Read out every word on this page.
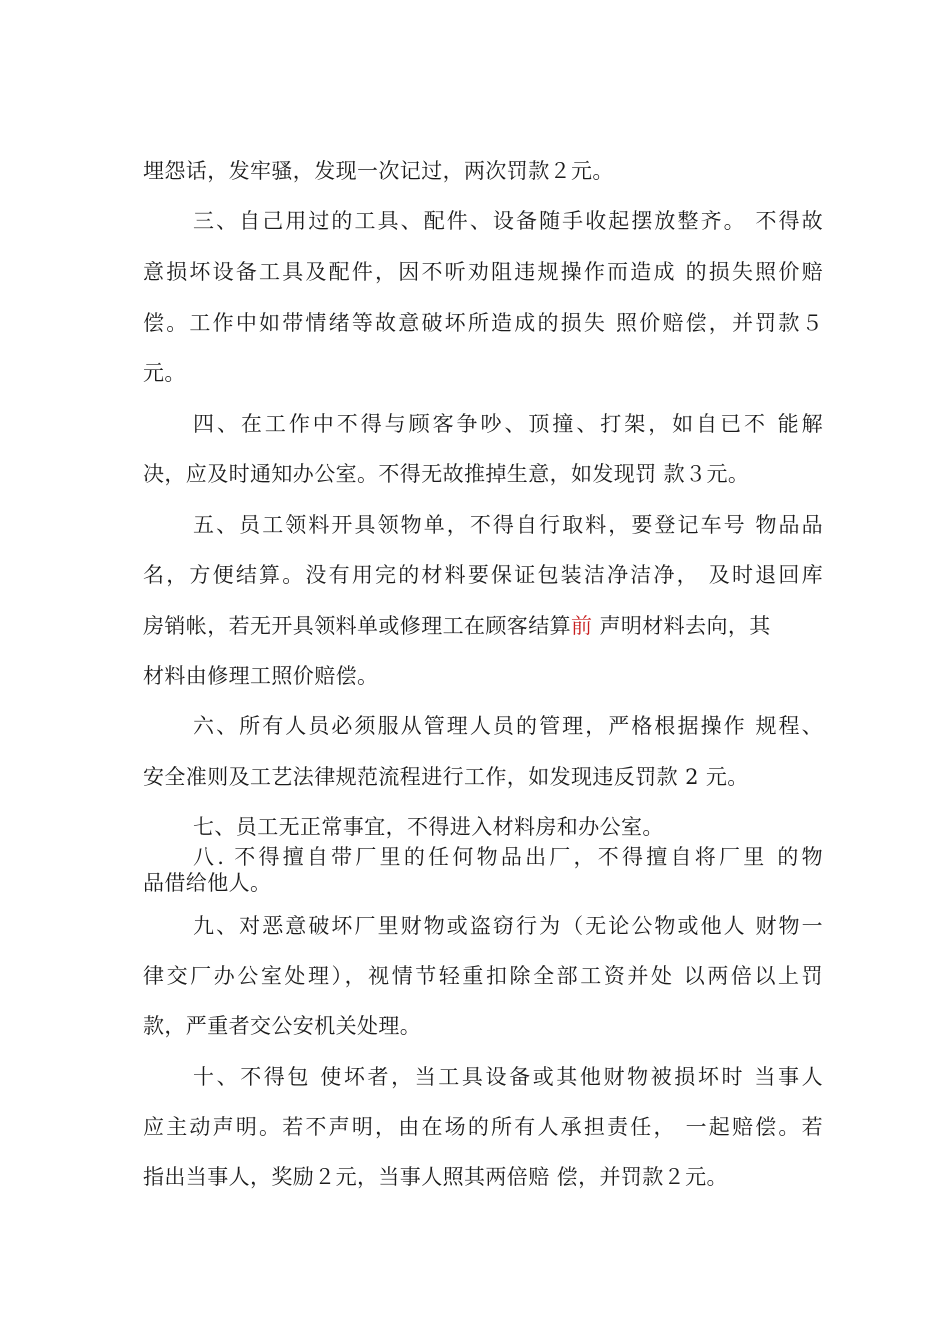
埋怨话，发牢骚，发现一次记过，两次罚款２元。
三、自己用过的工具、配件、设备随手收起摆放整齐。 不得故
意损坏设备工具及配件，因不听劝阻违规操作而造成 的损失照价赔
偿。工作中如带情绪等故意破坏所造成的损失 照价赔偿，并罚款５
元。
四、在工作中不得与顾客争吵、顶撞、打架，如自已不 能解
决，应及时通知办公室。不得无故推掉生意，如发现罚 款３元。
五、员工领料开具领物单，不得自行取料，要登记车号 物品品
名，方便结算。没有用完的材料要保证包装洁净洁净， 及时退回库
房销帐，若无开具领料单或修理工在顾客结算前 声明材料去向，其
材料由修理工照价赔偿。
六、所有人员必须服从管理人员的管理，严格根据操作 规程、
安全准则及工艺法律规范流程进行工作，如发现违反罚款 2 元。
七、员工无正常事宜，不得进入材料房和办公室。
八. 不得擅自带厂里的任何物品出厂，不得擅自将厂里 的物
品借给他人。
九、对恶意破坏厂里财物或盗窃行为（无论公物或他人 财物一
律交厂办公室处理），视情节轻重扣除全部工资并处 以两倍以上罚
款，严重者交公安机关处理。
十、不得包 使坏者，当工具设备或其他财物被损坏时 当事人
应主动声明。若不声明，由在场的所有人承担责任， 一起赔偿。若
指出当事人，奖励２元，当事人照其两倍赔 偿，并罚款２元。
